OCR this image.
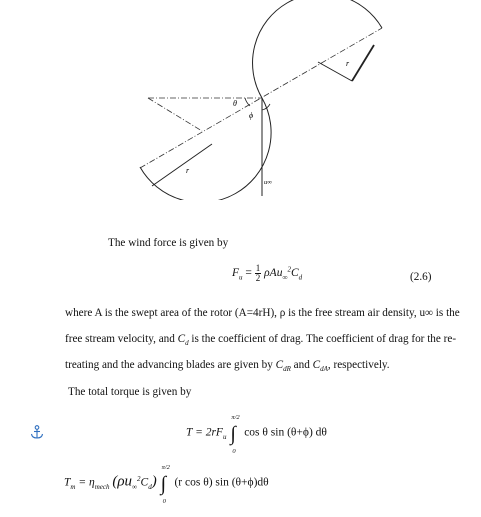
r
r
θ
ϕ
u∞
The wind force is given by
$F_u = \frac{1}{2} \rho Au_\infty^2C_d$	(2.6)
where A is the swept area of the rotor (A=4rH), ρ is the free stream air density, u∞ is the
free stream velocity, and $C_d$ is the coefficient of drag. The coefficient of drag for the re-
treating and the advancing blades are given by $C_{dR}$ and $C_{dA}$, respectively.
The total torque is given by
$T = 2rF_u$
π/2
∫
0
cos θ sin (θ+ϕ) dθ
$T_m = \eta_{mech}$ $(\rho u_\infty^2C_d)$
π/2
∫
0
(r cos θ) sin (θ+ϕ)dθ
